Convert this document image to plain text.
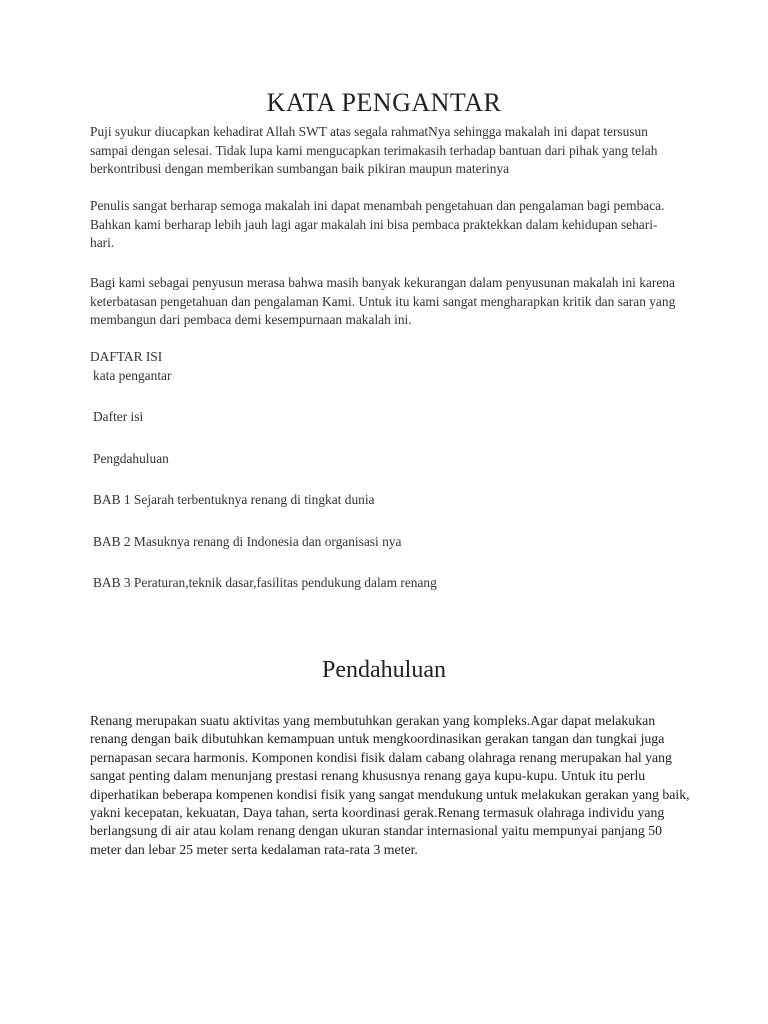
KATA PENGANTAR

Puji syukur diucapkan kehadirat Allah SWT atas segala rahmatNya sehingga makalah ini dapat tersusun sampai dengan selesai. Tidak lupa kami mengucapkan terimakasih terhadap bantuan dari pihak yang telah berkontribusi dengan memberikan sumbangan baik pikiran maupun materinya

Penulis sangat berharap semoga makalah ini dapat menambah pengetahuan dan pengalaman bagi pembaca. Bahkan kami berharap lebih jauh lagi agar makalah ini bisa pembaca praktekkan dalam kehidupan sehari-hari.

Bagi kami sebagai penyusun merasa bahwa masih banyak kekurangan dalam penyusunan makalah ini karena keterbatasan pengetahuan dan pengalaman Kami. Untuk itu kami sangat mengharapkan kritik dan saran yang membangun dari pembaca demi kesempurnaan makalah ini.

DAFTAR ISI

kata pengantar

Dafter isi

Pengdahuluan

BAB 1 Sejarah terbentuknya renang di tingkat dunia

BAB 2 Masuknya renang di Indonesia dan organisasi nya

BAB 3 Peraturan,teknik dasar,fasilitas pendukung dalam renang

Pendahuluan

Renang merupakan suatu aktivitas yang membutuhkan gerakan yang kompleks.Agar dapat melakukan renang dengan baik dibutuhkan kemampuan untuk mengkoordinasikan gerakan tangan dan tungkai juga pernapasan secara harmonis. Komponen kondisi fisik dalam cabang olahraga renang merupakan hal yang sangat penting dalam menunjang prestasi renang khususnya renang gaya kupu-kupu. Untuk itu perlu diperhatikan beberapa kompenen kondisi fisik yang sangat mendukung untuk melakukan gerakan yang baik, yakni kecepatan, kekuatan, Daya tahan, serta koordinasi gerak.Renang termasuk olahraga individu yang berlangsung di air atau kolam renang dengan ukuran standar internasional yaitu mempunyai panjang 50 meter dan lebar 25 meter serta kedalaman rata-rata 3 meter.
